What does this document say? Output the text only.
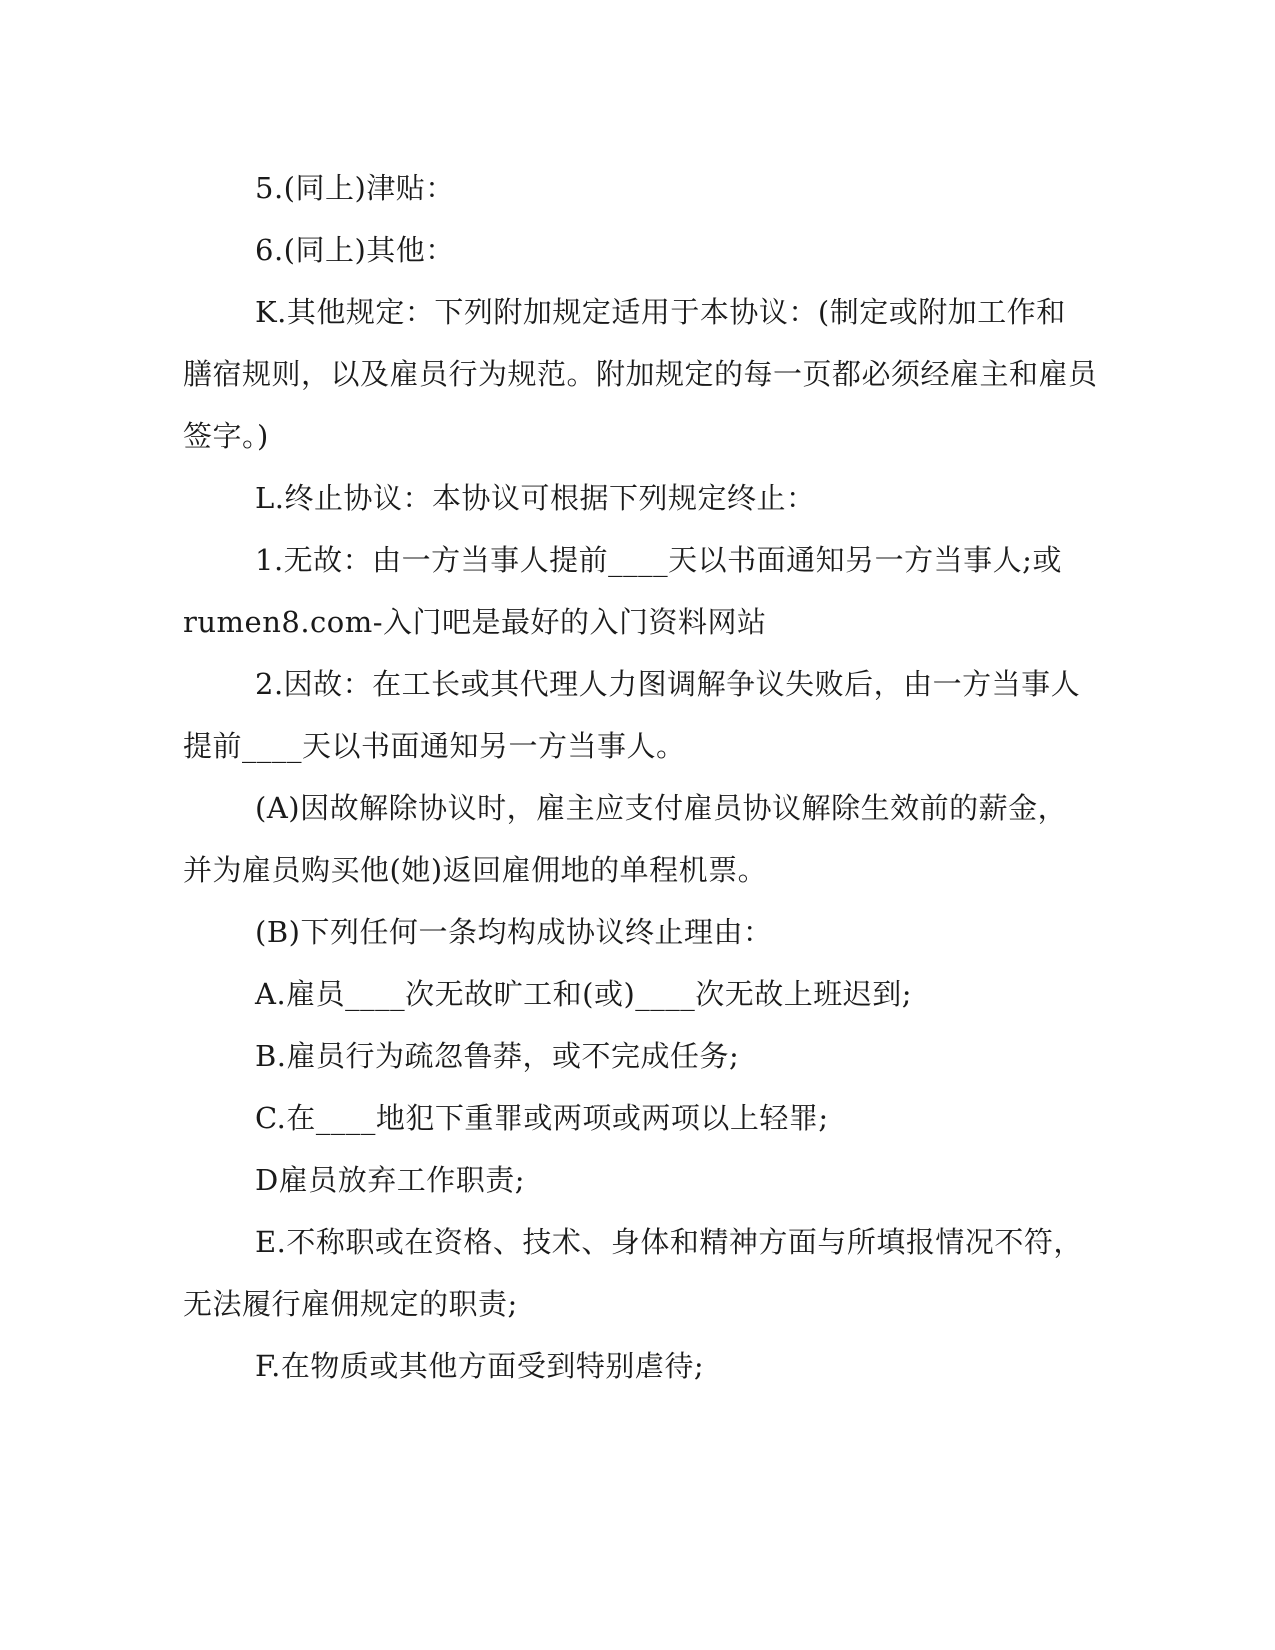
5.(同上)津贴：
6.(同上)其他：
K.其他规定：下列附加规定适用于本协议：(制定或附加工作和
膳宿规则，以及雇员行为规范。附加规定的每一页都必须经雇主和雇员
签字。)
L.终止协议：本协议可根据下列规定终止：
1.无故：由一方当事人提前____天以书面通知另一方当事人;或
rumen8.com-入门吧是最好的入门资料网站
2.因故：在工长或其代理人力图调解争议失败后，由一方当事人
提前____天以书面通知另一方当事人。
(A)因故解除协议时，雇主应支付雇员协议解除生效前的薪金，
并为雇员购买他(她)返回雇佣地的单程机票。
(B)下列任何一条均构成协议终止理由：
A.雇员____次无故旷工和(或)____次无故上班迟到;
B.雇员行为疏忽鲁莽，或不完成任务;
C.在____地犯下重罪或两项或两项以上轻罪;
D雇员放弃工作职责;
E.不称职或在资格、技术、身体和精神方面与所填报情况不符，
无法履行雇佣规定的职责;
F.在物质或其他方面受到特别虐待;
